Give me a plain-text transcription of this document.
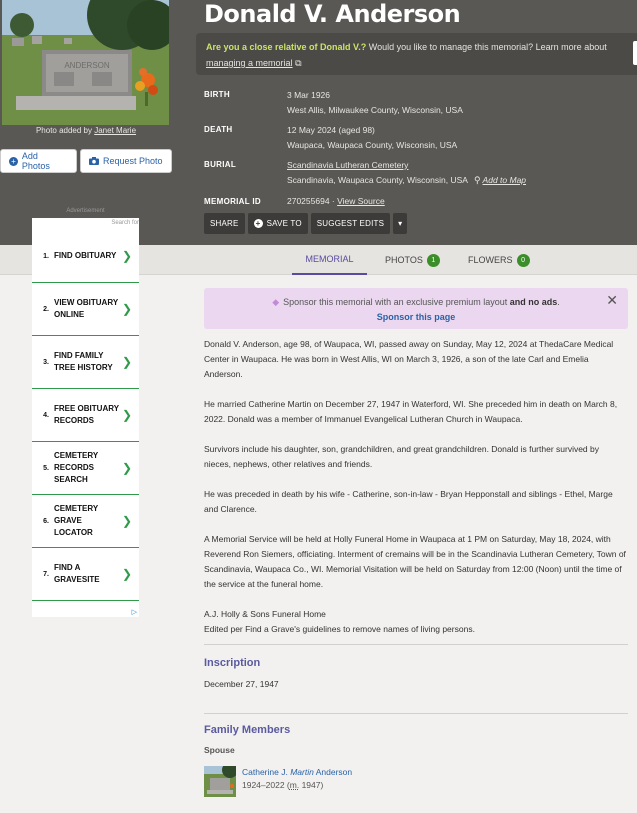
ANDERSON
Photo added by Janet Marie
+ Add Photos	Request Photo
Donald V. Anderson
Are you a close relative of Donald V.? Would you like to manage this memorial? Learn more about managing a memorial ⧉
BIRTH	3 Mar 1926
West Allis, Milwaukee County, Wisconsin, USA
DEATH	12 May 2024 (aged 98)
Waupaca, Waupaca County, Wisconsin, USA
BURIAL	Scandinavia Lutheran Cemetery
Scandinavia, Waupaca County, Wisconsin, USA ⚲ Add to Map
MEMORIAL ID	270255694 · View Source
SHARE + SAVE TO SUGGEST EDITS ▾
MEMORIAL	PHOTOS	1	FLOWERS	0
Advertisement
Search for
1. FIND OBITUARY ❯
2.
VIEW OBITUARY ONLINE	❯
3.
FIND FAMILY TREE HISTORY ❯
4.
FREE OBITUARY RECORDS	❯
5.
CEMETERY RECORDS SEARCH
❯
6.
CEMETERY GRAVE LOCATOR
❯
7.
FIND A GRAVESITE	❯
▷
◆ Sponsor this memorial with an exclusive premium layout and no ads.
Sponsor this page
✕

Donald V. Anderson, age 98, of Waupaca, WI, passed away on Sunday, May 12, 2024 at ThedaCare Medical Center in Waupaca. He was born in West Allis, WI on March 3, 1926, a son of the late Carl and Emelia Anderson.

He married Catherine Martin on December 27, 1947 in Waterford, WI. She preceded him in death on March 8, 2022. Donald was a member of Immanuel Evangelical Lutheran Church in Waupaca.

Survivors include his daughter, son, grandchildren, and great grandchildren. Donald is further survived by nieces, nephews, other relatives and friends.

He was preceded in death by his wife - Catherine, son-in-law - Bryan Hepponstall and siblings - Ethel, Marge and Clarence.

A Memorial Service will be held at Holly Funeral Home in Waupaca at 1 PM on Saturday, May 18, 2024, with Reverend Ron Siemers, officiating. Interment of cremains will be in the Scandinavia Lutheran Cemetery, Town of Scandinavia, Waupaca Co., WI. Memorial Visitation will be held on Saturday from 12:00 (Noon) until the time of the service at the funeral home.

A.J. Holly & Sons Funeral Home
Edited per Find a Grave's guidelines to remove names of living persons.
Inscription
December 27, 1947
Family Members
Spouse
Catherine J. Martin Anderson
1924–2022 (m. 1947)
